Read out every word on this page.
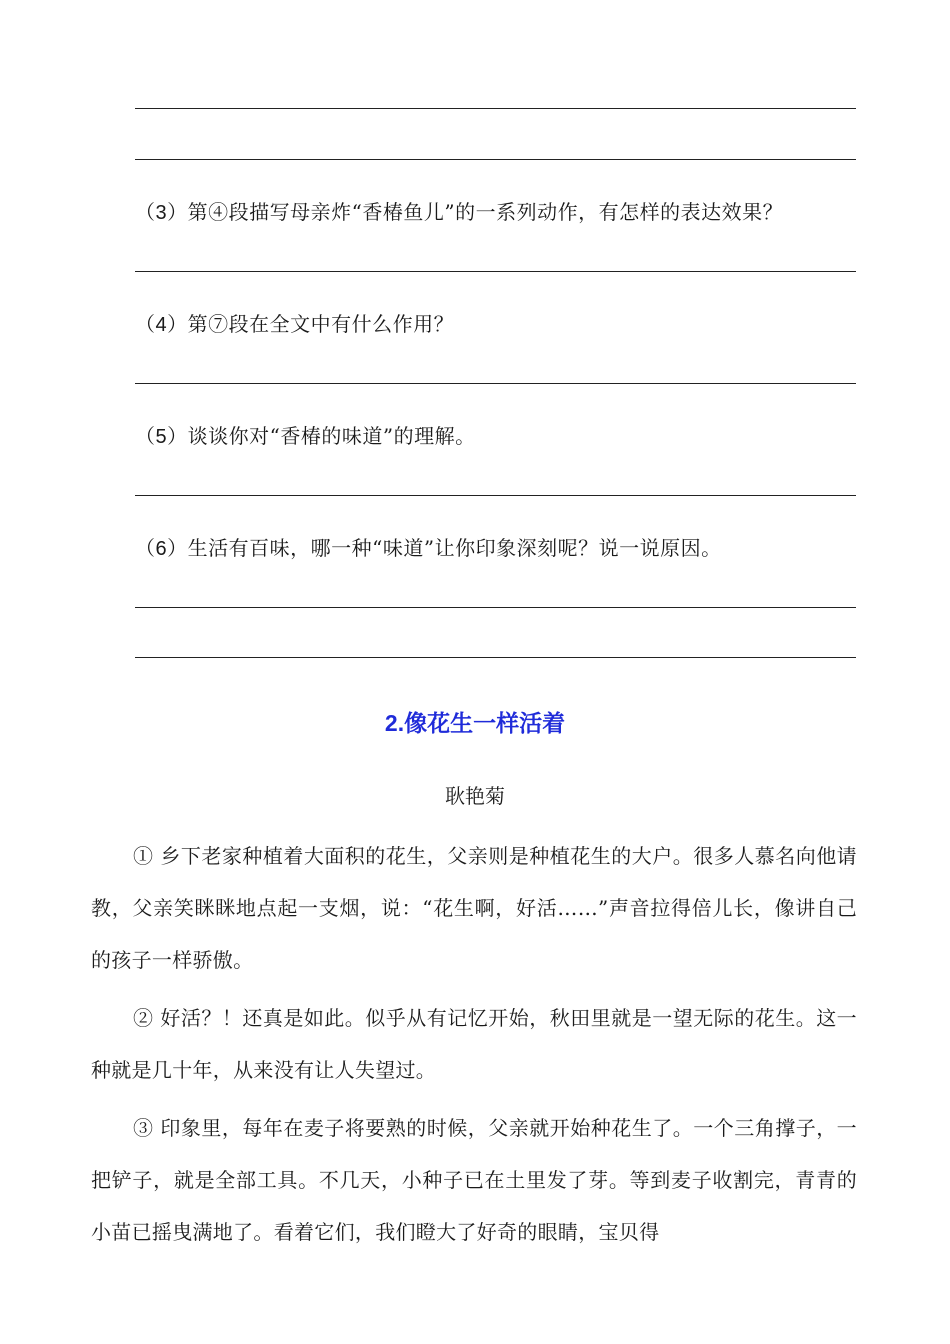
（3）第④段描写母亲炸“香椿鱼儿”的一系列动作，有怎样的表达效果？
（4）第⑦段在全文中有什么作用？
（5）谈谈你对“香椿的味道”的理解。
（6）生活有百味，哪一种“味道”让你印象深刻呢？说一说原因。
2.像花生一样活着
耿艳菊

① 乡下老家种植着大面积的花生，父亲则是种植花生的大户。很多人慕名向他请教，父亲笑眯眯地点起一支烟，说：“花生啊，好活……”声音拉得倍儿长，像讲自己的孩子一样骄傲。

② 好活？！还真是如此。似乎从有记忆开始，秋田里就是一望无际的花生。这一种就是几十年，从来没有让人失望过。

③ 印象里，每年在麦子将要熟的时候，父亲就开始种花生了。一个三角撑子，一把铲子，就是全部工具。不几天，小种子已在土里发了芽。等到麦子收割完，青青的小苗已摇曳满地了。看着它们，我们瞪大了好奇的眼睛，宝贝得
